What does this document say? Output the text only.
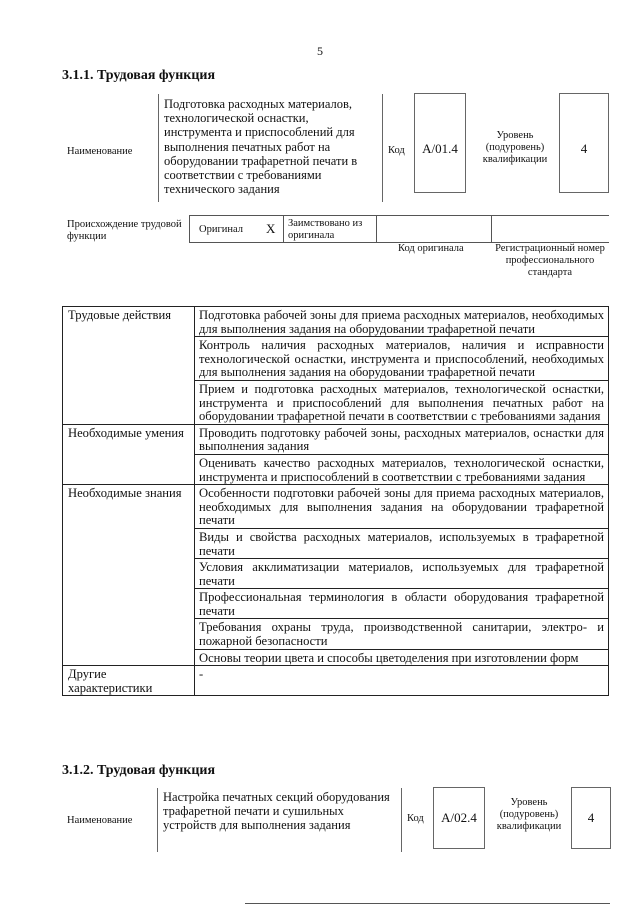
5
3.1.1. Трудовая функция
Наименование
Подготовка расходных материалов, технологической оснастки, инструмента и приспособлений для выполнения печатных работ на оборудовании трафаретной печати в соответствии с требованиями технического задания
Код	A/01.4
Уровень (подуровень) квалификации
4
Происхождение трудовой функции
Оригинал X Заимствовано из оригинала
Код оригинала	Регистрационный номер профессионального стандарта
Трудовые действия	Подготовка рабочей зоны для приема расходных материалов, необходимых для выполнения задания на оборудовании трафаретной печати
	Контроль наличия расходных материалов, наличия и исправности технологической оснастки, инструмента и приспособлений, необходимых для выполнения задания на оборудовании трафаретной печати
	Прием и подготовка расходных материалов, технологической оснастки, инструмента и приспособлений для выполнения печатных работ на оборудовании трафаретной печати в соответствии с требованиями задания
Необходимые умения	Проводить подготовку рабочей зоны, расходных материалов, оснастки для выполнения задания
	Оценивать качество расходных материалов, технологической оснастки, инструмента и приспособлений в соответствии с требованиями задания
Необходимые знания	Особенности подготовки рабочей зоны для приема расходных материалов, необходимых для выполнения задания на оборудовании трафаретной печати
	Виды и свойства расходных материалов, используемых в трафаретной печати
	Условия акклиматизации материалов, используемых для трафаретной печати
	Профессиональная терминология в области оборудования трафаретной печати
	Требования охраны труда, производственной санитарии, электро- и пожарной безопасности
	Основы теории цвета и способы цветоделения при изготовлении форм
Другие характеристики	-
3.1.2. Трудовая функция
Наименование
Настройка печатных секций оборудования трафаретной печати и сушильных устройств для выполнения задания	Код	A/02.4
Уровень (подуровень) квалификации
4
